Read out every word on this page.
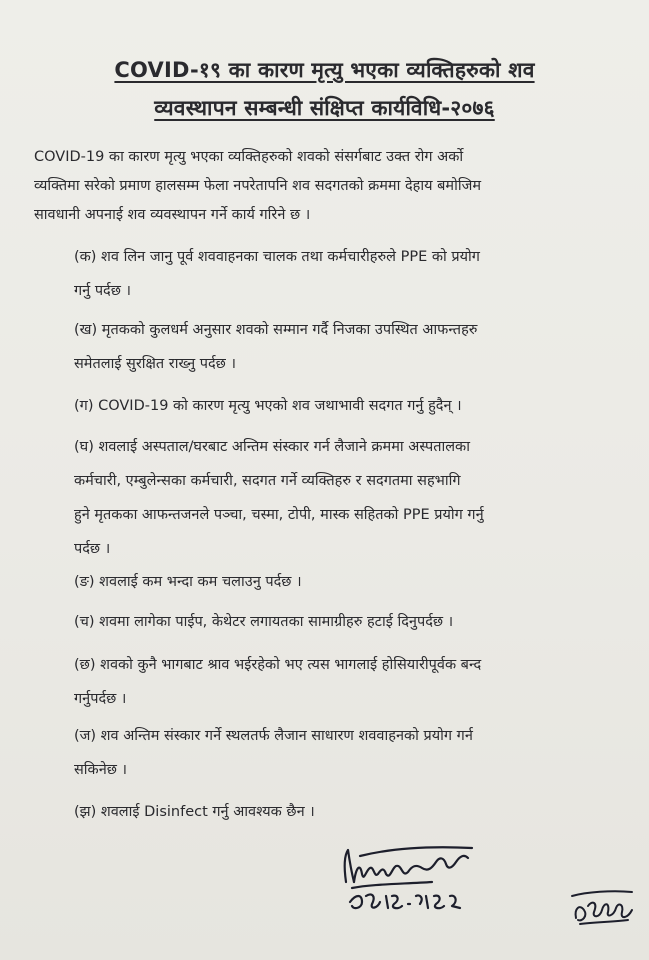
COVID-१९ का कारण मृत्यु भएका व्यक्तिहरुको शव
व्यवस्थापन सम्बन्धी संक्षिप्त कार्यविधि-२०७६
COVID-19 का कारण मृत्यु भएका व्यक्तिहरुको शवको संसर्गबाट उक्त रोग अर्को
व्यक्तिमा सरेको प्रमाण हालसम्म फेला नपरेतापनि शव सदगतको क्रममा देहाय बमोजिम
सावधानी अपनाई शव व्यवस्थापन गर्ने कार्य गरिने छ ।
(क) शव लिन जानु पूर्व शववाहनका चालक तथा कर्मचारीहरुले PPE को प्रयोग
गर्नु पर्दछ ।
(ख) मृतकको कुलधर्म अनुसार शवको सम्मान गर्दै निजका उपस्थित आफन्तहरु
समेतलाई सुरक्षित राख्नु पर्दछ ।
(ग) COVID-19 को कारण मृत्यु भएको शव जथाभावी सदगत गर्नु हुदैन् ।
(घ) शवलाई अस्पताल/घरबाट अन्तिम संस्कार गर्न लैजाने क्रममा अस्पतालका
कर्मचारी, एम्बुलेन्सका कर्मचारी, सदगत गर्ने व्यक्तिहरु र सदगतमा सहभागि
हुने मृतकका आफन्तजनले पञ्चा, चस्मा, टोपी, मास्क सहितको PPE प्रयोग गर्नु
पर्दछ ।
(ङ) शवलाई कम भन्दा कम चलाउनु पर्दछ ।
(च) शवमा लागेका पाईप, केथेटर लगायतका सामाग्रीहरु हटाई दिनुपर्दछ ।
(छ) शवको कुनै भागबाट श्राव भईरहेको भए त्यस भागलाई होसियारीपूर्वक बन्द
गर्नुपर्दछ ।
(ज) शव अन्तिम संस्कार गर्ने स्थलतर्फ लैजान साधारण शववाहनको प्रयोग गर्न
सकिनेछ ।
(झ) शवलाई Disinfect गर्नु आवश्यक छैन ।
